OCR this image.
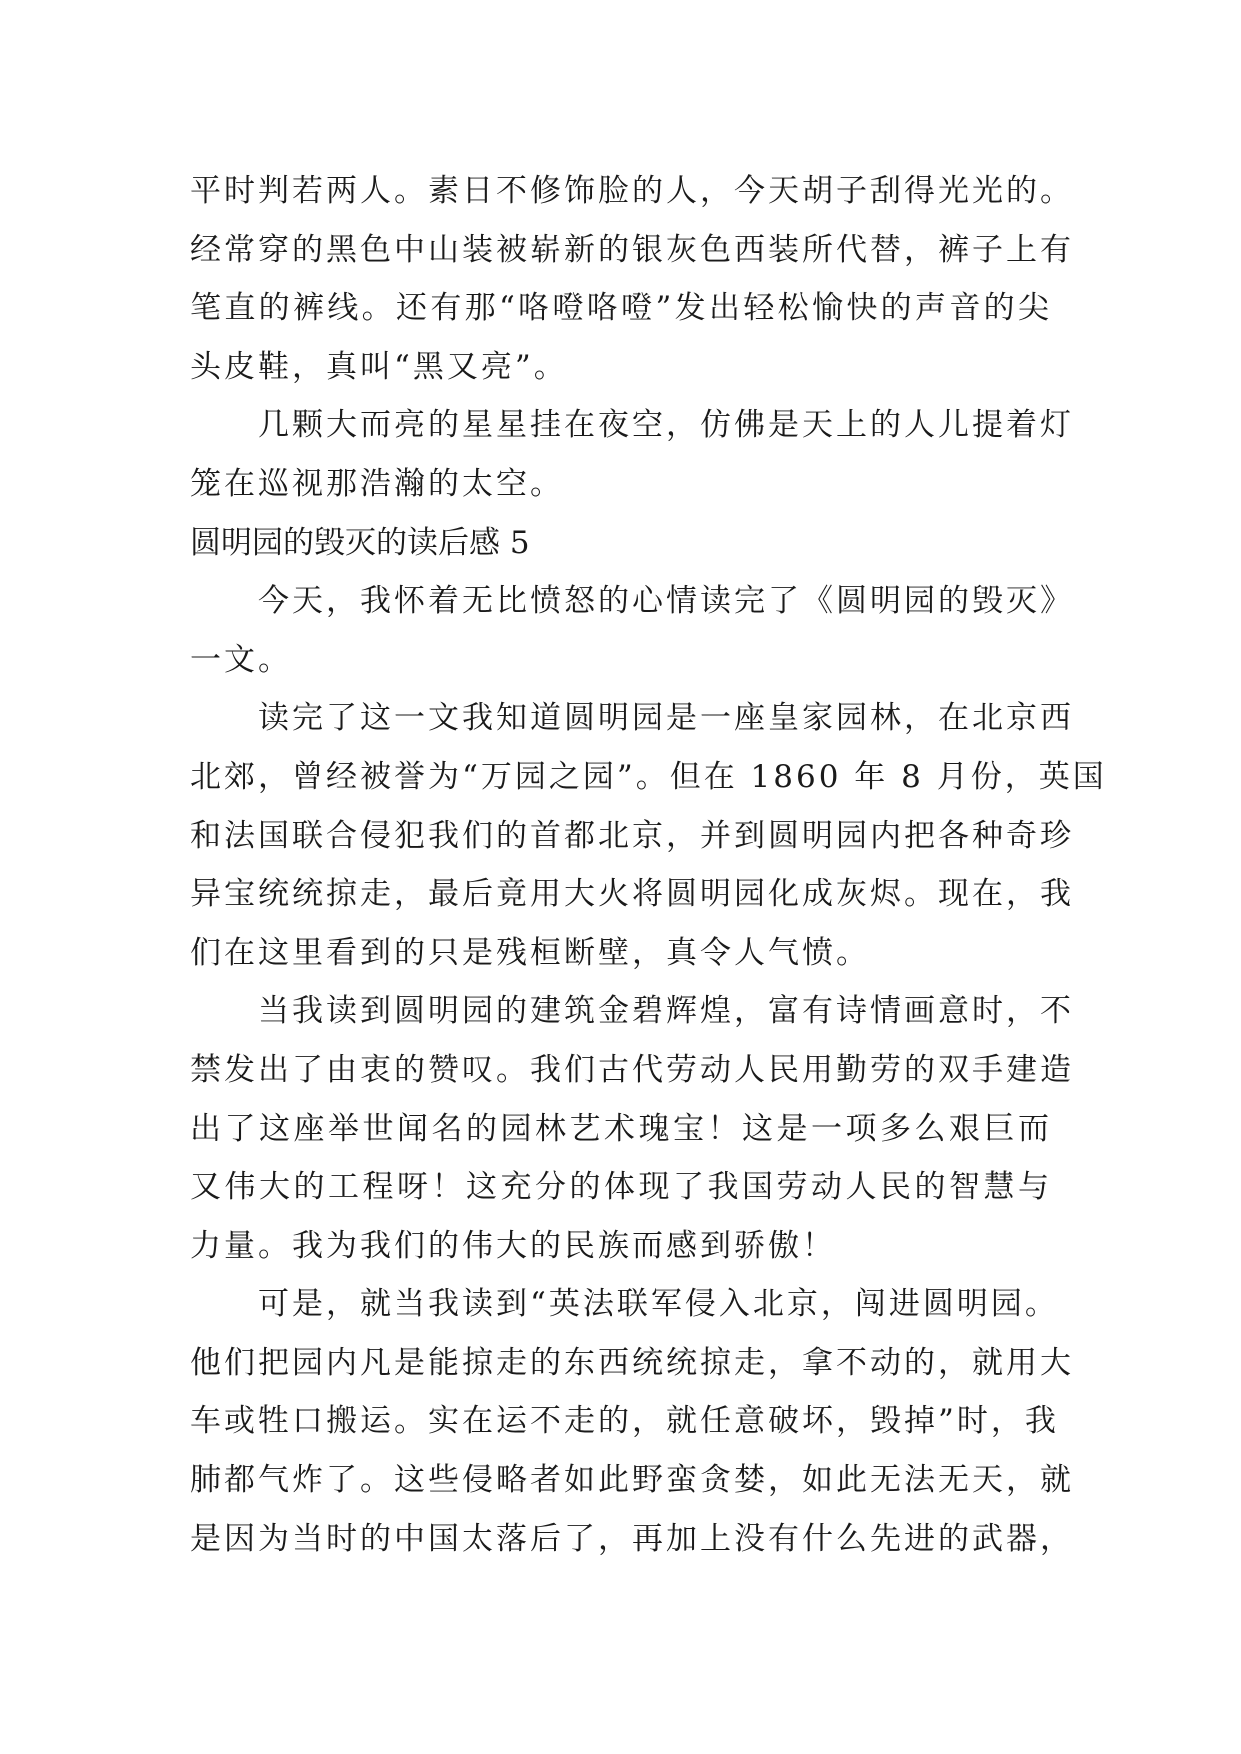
平时判若两人。素日不修饰脸的人，今天胡子刮得光光的。
经常穿的黑色中山装被崭新的银灰色西装所代替，裤子上有
笔直的裤线。还有那“咯噔咯噔”发出轻松愉快的声音的尖
头皮鞋，真叫“黑又亮”。
几颗大而亮的星星挂在夜空，仿佛是天上的人儿提着灯
笼在巡视那浩瀚的太空。
圆明园的毁灭的读后感 5
今天，我怀着无比愤怒的心情读完了《圆明园的毁灭》
一文。
读完了这一文我知道圆明园是一座皇家园林，在北京西
北郊，曾经被誉为“万园之园”。但在 1860 年 8 月份，英国
和法国联合侵犯我们的首都北京，并到圆明园内把各种奇珍
异宝统统掠走，最后竟用大火将圆明园化成灰烬。现在，我
们在这里看到的只是残桓断壁，真令人气愤。
当我读到圆明园的建筑金碧辉煌，富有诗情画意时，不
禁发出了由衷的赞叹。我们古代劳动人民用勤劳的双手建造
出了这座举世闻名的园林艺术瑰宝！这是一项多么艰巨而
又伟大的工程呀！这充分的体现了我国劳动人民的智慧与
力量。我为我们的伟大的民族而感到骄傲！
可是，就当我读到“英法联军侵入北京，闯进圆明园。
他们把园内凡是能掠走的东西统统掠走，拿不动的，就用大
车或牲口搬运。实在运不走的，就任意破坏，毁掉”时，我
肺都气炸了。这些侵略者如此野蛮贪婪，如此无法无天，就
是因为当时的中国太落后了，再加上没有什么先进的武器，
